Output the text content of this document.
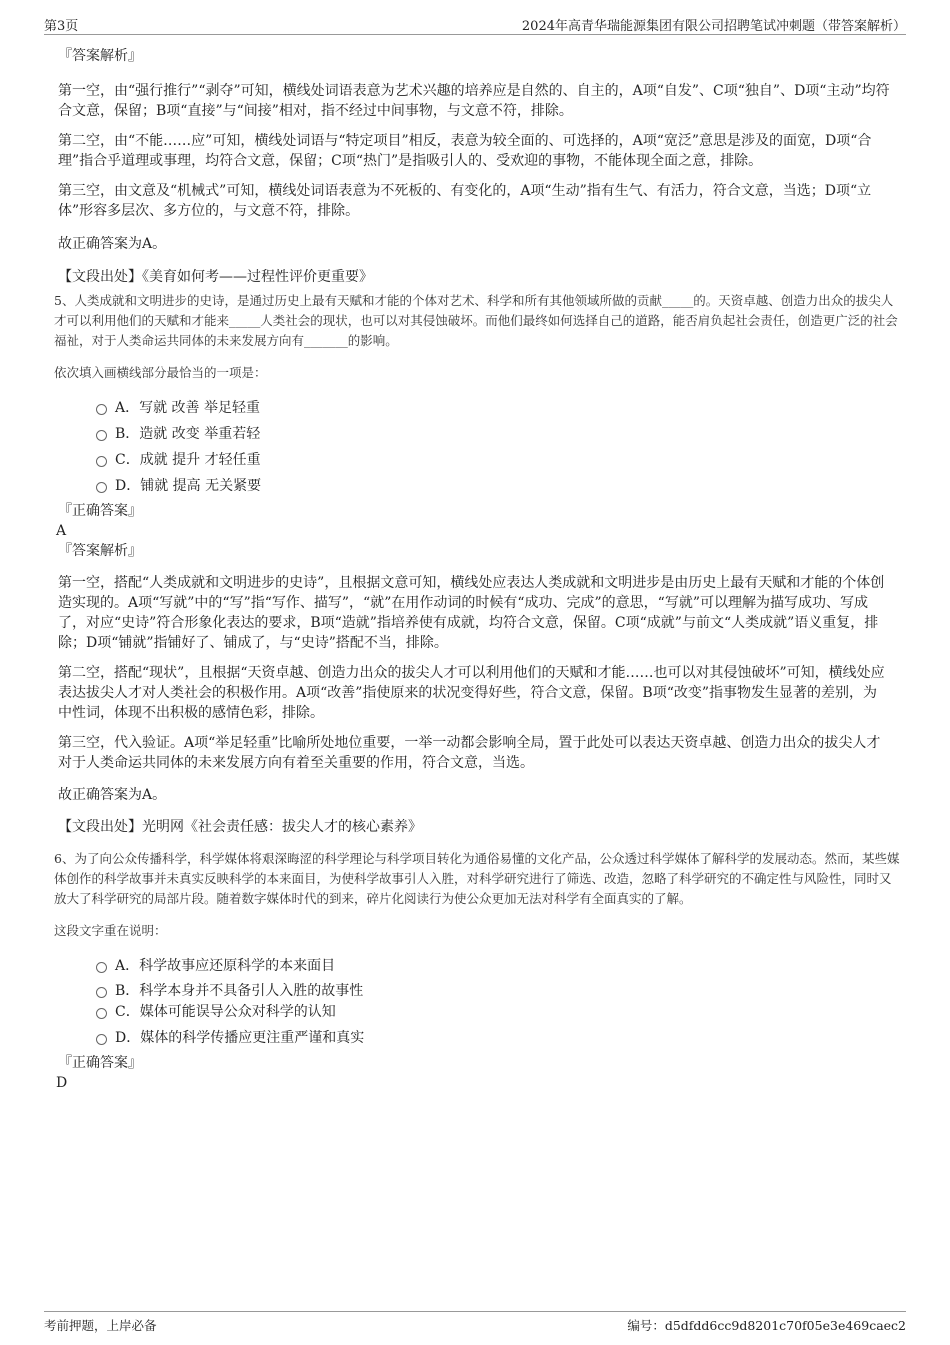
第3页	2024年高青华瑞能源集团有限公司招聘笔试冲刺题（带答案解析）

『答案解析』

第一空，由“强行推行”“剥夺”可知，横线处词语表意为艺术兴趣的培养应是自然的、自主的，A项“自发”、C项“独自”、D项“主动”均符合文意，保留；B项“直接”与“间接”相对，指不经过中间事物，与文意不符，排除。

第二空，由“不能……应”可知，横线处词语与“特定项目”相反，表意为较全面的、可选择的，A项“宽泛”意思是涉及的面宽，D项“合理”指合乎道理或事理，均符合文意，保留；C项“热门”是指吸引人的、受欢迎的事物，不能体现全面之意，排除。

第三空，由文意及“机械式”可知，横线处词语表意为不死板的、有变化的，A项“生动”指有生气、有活力，符合文意，当选；D项“立体”形容多层次、多方位的，与文意不符，排除。

故正确答案为A。

【文段出处】《美育如何考——过程性评价更重要》

5、人类成就和文明进步的史诗，是通过历史上最有天赋和才能的个体对艺术、科学和所有其他领域所做的贡献_____的。天资卓越、创造力出众的拔尖人才可以利用他们的天赋和才能来_____人类社会的现状，也可以对其侵蚀破坏。而他们最终如何选择自己的道路，能否肩负起社会责任，创造更广泛的社会福祉，对于人类命运共同体的未来发展方向有_______的影响。

依次填入画横线部分最恰当的一项是：

A．写就 改善 举足轻重
B．造就 改变 举重若轻
C．成就 提升 才轻任重
D．铺就 提高 无关紧要

『正确答案』

A

『答案解析』

第一空，搭配“人类成就和文明进步的史诗”，且根据文意可知，横线处应表达人类成就和文明进步是由历史上最有天赋和才能的个体创造实现的。A项“写就”中的“写”指“写作、描写”，“就”在用作动词的时候有“成功、完成”的意思，“写就”可以理解为描写成功、写成了，对应“史诗”符合形象化表达的要求，B项“造就”指培养使有成就，均符合文意，保留。C项“成就”与前文“人类成就”语义重复，排除；D项“铺就”指铺好了、铺成了，与“史诗”搭配不当，排除。

第二空，搭配“现状”，且根据“天资卓越、创造力出众的拔尖人才可以利用他们的天赋和才能……也可以对其侵蚀破坏”可知，横线处应表达拔尖人才对人类社会的积极作用。A项“改善”指使原来的状况变得好些，符合文意，保留。B项“改变”指事物发生显著的差别，为中性词，体现不出积极的感情色彩，排除。

第三空，代入验证。A项“举足轻重”比喻所处地位重要，一举一动都会影响全局，置于此处可以表达天资卓越、创造力出众的拔尖人才对于人类命运共同体的未来发展方向有着至关重要的作用，符合文意，当选。

故正确答案为A。

【文段出处】光明网《社会责任感：拔尖人才的核心素养》

6、为了向公众传播科学，科学媒体将艰深晦涩的科学理论与科学项目转化为通俗易懂的文化产品，公众透过科学媒体了解科学的发展动态。然而，某些媒体创作的科学故事并未真实反映科学的本来面目，为使科学故事引人入胜，对科学研究进行了筛选、改造，忽略了科学研究的不确定性与风险性，同时又放大了科学研究的局部片段。随着数字媒体时代的到来，碎片化阅读行为使公众更加无法对科学有全面真实的了解。

这段文字重在说明：

A．科学故事应还原科学的本来面目
B．科学本身并不具备引人入胜的故事性
C．媒体可能误导公众对科学的认知
D．媒体的科学传播应更注重严谨和真实

『正确答案』

D
考前押题，上岸必备	编号：d5dfdd6cc9d8201c70f05e3e469caec2
